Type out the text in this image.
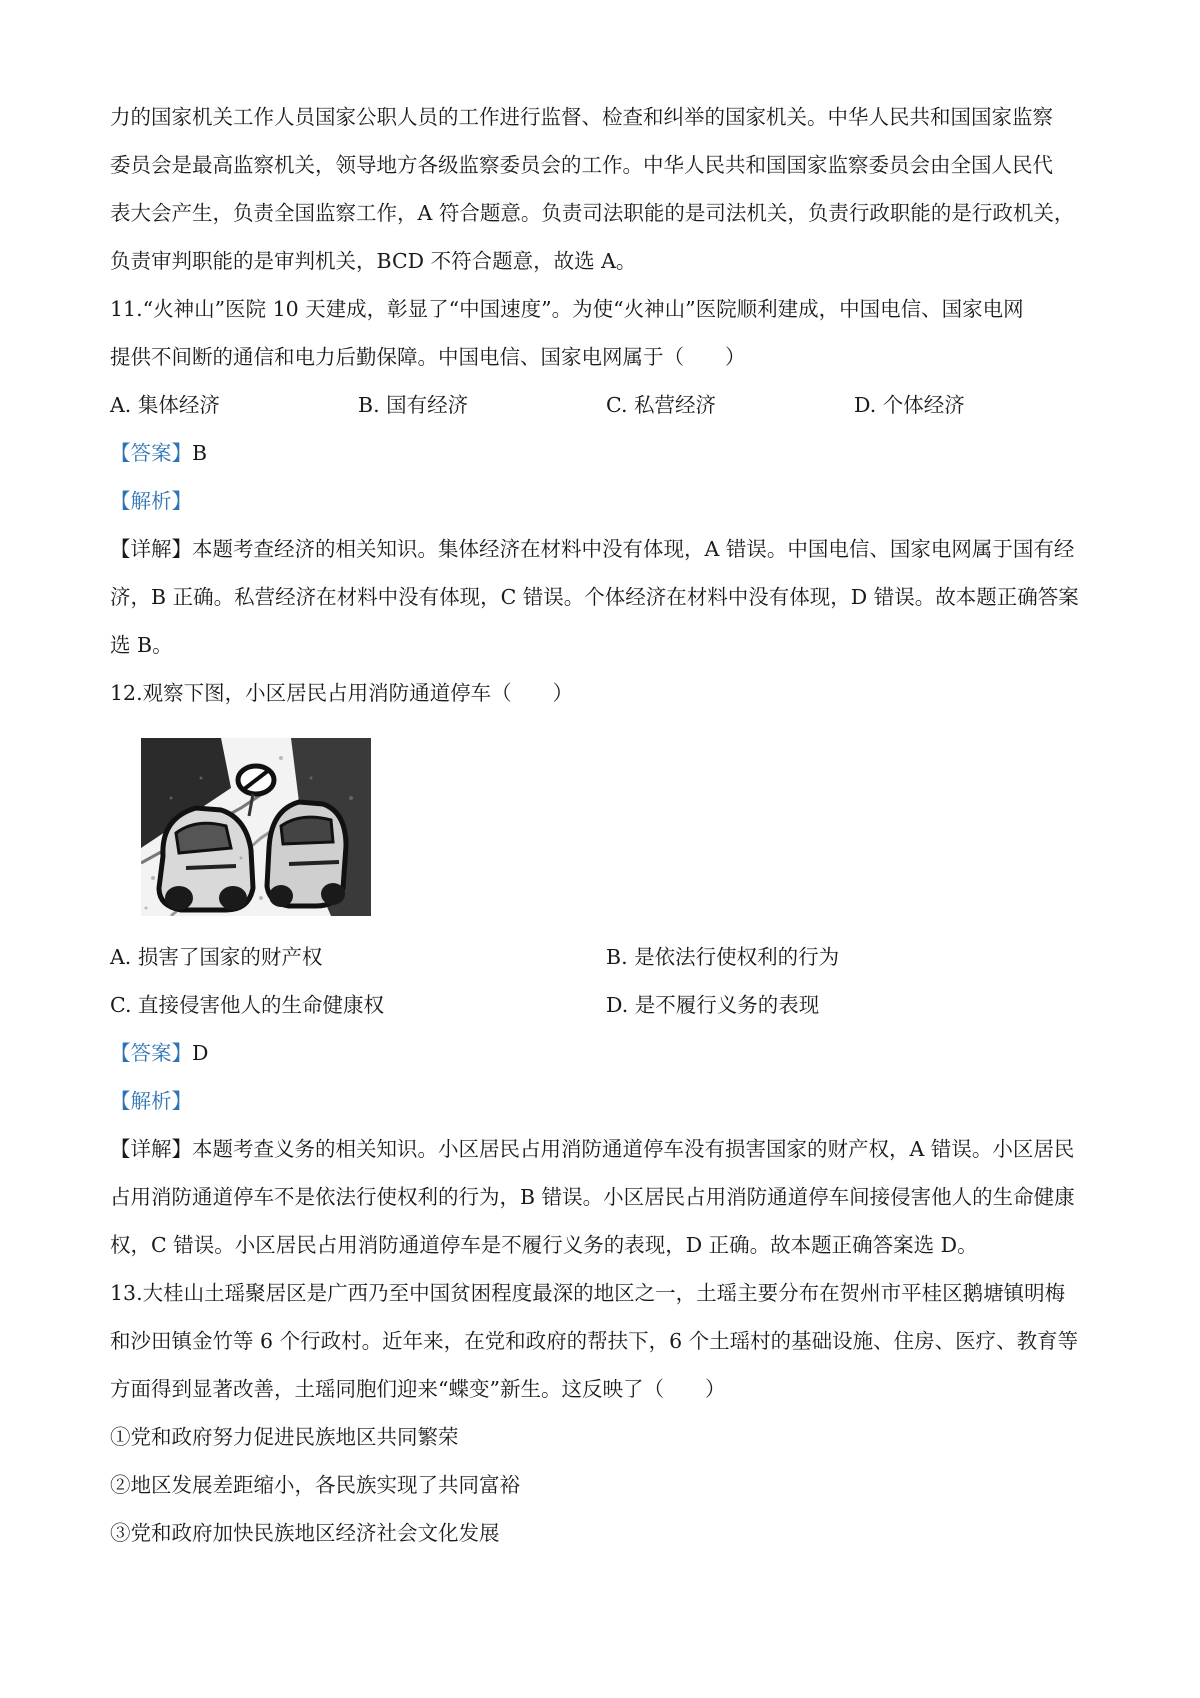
力的国家机关工作人员国家公职人员的工作进行监督、检查和纠举的国家机关。中华人民共和国国家监察
委员会是最高监察机关，领导地方各级监察委员会的工作。中华人民共和国国家监察委员会由全国人民代
表大会产生，负责全国监察工作，A 符合题意。负责司法职能的是司法机关，负责行政职能的是行政机关，
负责审判职能的是审判机关，BCD 不符合题意，故选 A。
11.“火神山”医院 10 天建成，彰显了“中国速度”。为使“火神山”医院顺利建成，中国电信、国家电网
提供不间断的通信和电力后勤保障。中国电信、国家电网属于（　　）
A. 集体经济	B. 国有经济	C. 私营经济	D. 个体经济
【答案】B
【解析】
【详解】本题考查经济的相关知识。集体经济在材料中没有体现，A 错误。中国电信、国家电网属于国有经
济，B 正确。私营经济在材料中没有体现，C 错误。个体经济在材料中没有体现，D 错误。故本题正确答案
选 B。
12.观察下图，小区居民占用消防通道停车（　　）
A. 损害了国家的财产权	B. 是依法行使权利的行为
C. 直接侵害他人的生命健康权	D. 是不履行义务的表现
【答案】D
【解析】
【详解】本题考查义务的相关知识。小区居民占用消防通道停车没有损害国家的财产权，A 错误。小区居民
占用消防通道停车不是依法行使权利的行为，B 错误。小区居民占用消防通道停车间接侵害他人的生命健康
权，C 错误。小区居民占用消防通道停车是不履行义务的表现，D 正确。故本题正确答案选 D。
13.大桂山土瑶聚居区是广西乃至中国贫困程度最深的地区之一，土瑶主要分布在贺州市平桂区鹅塘镇明梅
和沙田镇金竹等 6 个行政村。近年来，在党和政府的帮扶下，6 个土瑶村的基础设施、住房、医疗、教育等
方面得到显著改善，土瑶同胞们迎来“蝶变”新生。这反映了（　　）
①党和政府努力促进民族地区共同繁荣
②地区发展差距缩小，各民族实现了共同富裕
③党和政府加快民族地区经济社会文化发展
